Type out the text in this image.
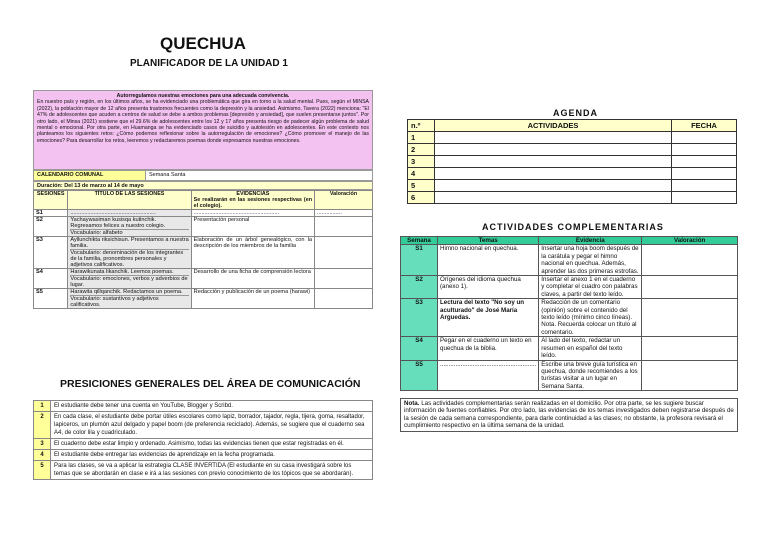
QUECHUA
PLANIFICADOR DE LA UNIDAD 1
Autorregulamos nuestras emociones para una adecuada convivencia.
En nuestro país y región, en los últimos años, se ha evidenciado una problemática que gira en torno a la salud mental. Pues, según el MINSA (2022), la población mayor de 12 años presenta trastornos frecuentes como la depresión y la ansiedad. Asimismo, Tavera (2022) menciona: "El 47% de adolescentes que acuden a centros de salud se debe a ambos problemas [depresión y ansiedad], que suelen presentarse juntos". Por otro lado, el Minsa (2021) sostiene que el 29.6% de adolescentes entre los 12 y 17 años presenta riesgo de padecer algún problema de salud mental o emocional. Por otra parte, en Huamanga se ha evidenciado casos de suicidio y autolesión en adolescentes. En este contexto nos planteamos los siguientes retos: ¿Cómo podemos reflexionar sobre la autorregulación de emociones? ¿Cómo promover el manejo de las emociones? Para desarrollar los retos, leeremos y redactaremos poemas donde expresamos nuestras emociones.
CALENDARIO COMUNAL	Semana Santa
Duración: Del 13 de marzo al 14 de mayo
SESIONES	TÍTULO DE LAS SESIONES	EVIDENCIAS
Se realizarán en las sesiones respectivas (en el colegio).	Valoración
S1	.......................................................	.......................................................	................
S2	Yachaywasiman kusisqa kutinchik. Regresamos felices a nuestro colegio.
Vocabulario: alfabeto	Presentación personal	
S3	Ayllunchikta riksichisun. Presentamos a nuestra familia.
Vocabulario: denominación de los integrantes de la familia, pronombres personales y adjetivos calificativos.	Elaboración de un árbol genealógico, con la descripción de los miembros de la familia	
S4	Harawikunata likanchik. Leemos poemas.
Vocabulario: emociones, verbos y adverbios de lugar.	Desarrollo de una ficha de comprensión lectora	
S5	Harawita qillqanchik. Redactamos un poema.
Vocabulario: sustantivos y adjetivos calificativos.	Redacción y publicación de un poema (harawi)	
PRESICIONES GENERALES DEL ÁREA DE COMUNICACIÓN
1	El estudiante debe tener una cuenta en YouTube, Blogger y Scribd.
2	En cada clase, el estudiante debe portar útiles escolares como lapiz, borrador, tajador, regla, tijera, goma, resaltador, lapiceros, un plumón azul delgado y papel boom (de preferencia reciclado). Además, se sugiere que el cuaderno sea A4, de color lila y cuadriculado.
3	El cuaderno debe estar limpio y ordenado. Asimismo, todas las evidencias tienen que estar registradas en él.
4	El estudiante debe entregar las evidencias de aprendizaje en la fecha programada.
5	Para las clases, se va a aplicar la estrategia CLASE INVERTIDA (El estudiante en su casa investigará sobre los temas que se abordarán en clase e irá a las sesiones con previo conocimiento de los tópicos que se abordarán).
AGENDA
n.º	ACTIVIDADES	FECHA
1		
2		
3		
4		
5		
6		
ACTIVIDADES COMPLEMENTARIAS
Semana	Temas	Evidencia	Valoración
S1	Himno nacional en quechua.	Insertar una hoja boom después de la carátula y pegar el himno nacional en quechua. Además, aprender las dos primeras estrofas.	
S2	Orígenes del idioma quechua (anexo 1).	Insertar el anexo 1 en el cuaderno y completar el cuadro con palabras claves, a partir del texto leído.	
S3	Lectura del texto "No soy un aculturado" de José María Arguedas.	Redacción de un comentario (opinión) sobre el contenido del texto leído (mínimo cinco líneas). Nota. Recuerda colocar un título al comentario.	
S4	Pegar en el cuaderno un texto en quechua de la biblia.	Al lado del texto, redactar un resumen en español del texto leído.	
S5	........................................................	Escribe una breve guía turística en quechua, donde recomiendes a los turistas visitar a un lugar en Semana Santa.	
Nota. Las actividades complementarias serán realizadas en el domicilio. Por otra parte, se les sugiere buscar información de fuentes confiables. Por otro lado, las evidencias de los temas investigados deben registrarse después de la sesión de cada semana correspondiente, para darle continuidad a las clases; no obstante, la profesora revisará el cumplimiento respectivo en la última semana de la unidad.
